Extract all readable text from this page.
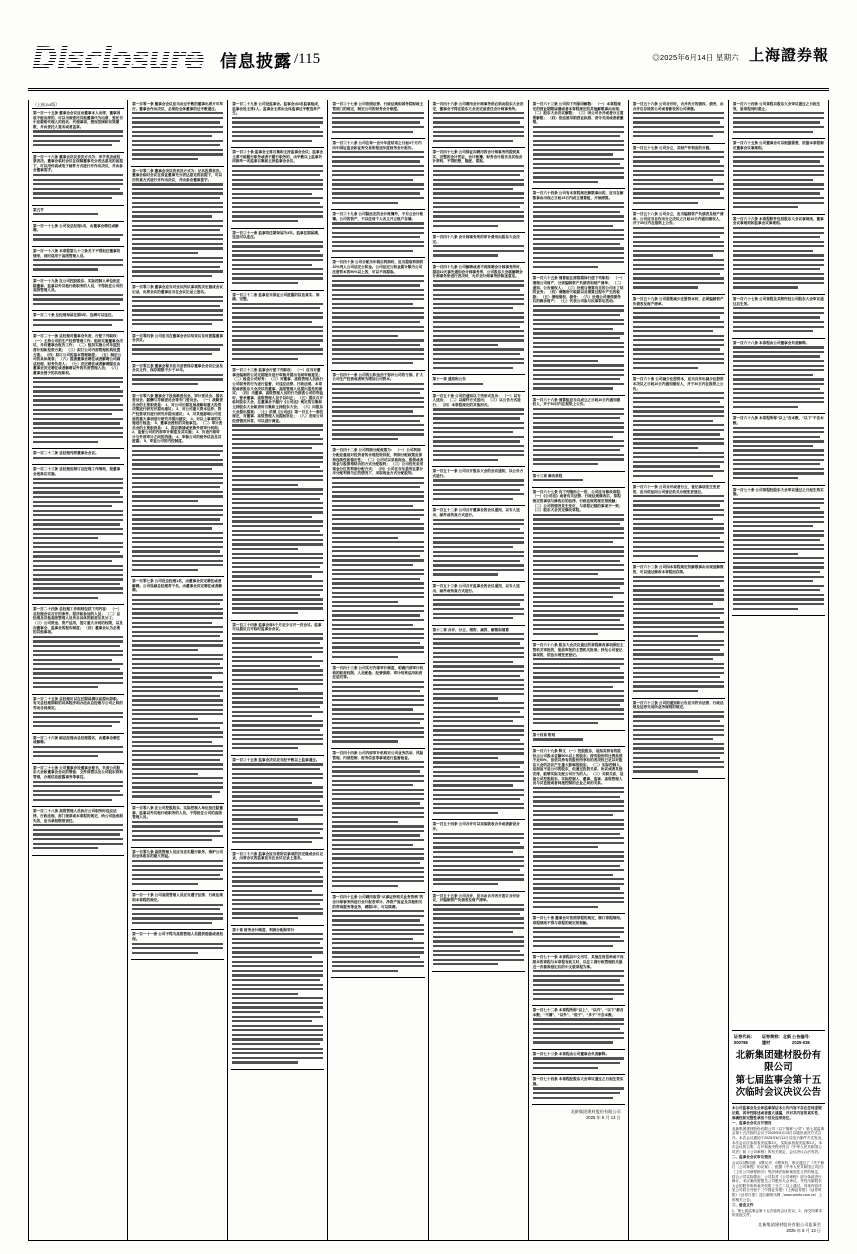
Disclosure 信息披露 /115	◎2025年6月14日 星期六 上海證券報
（上接114版）

第一百一十五条 董事会会议应由董事本人出席，董事因故不能出席的，可以书面委托其他董事代为出席，委托书中应载明代理人的姓名、代理事项、授权范围和有效期限，并由委托人签名或者盖章。

第一百一十六条 董事会决议表决方式为：举手表决或投票表决。董事会临时会议在保障董事充分表达意见的前提下，可以用传真或电子邮件方式进行并作出决议，并由参会董事签字。

第五节

第一百一十七条 公司设总经理1名，由董事会聘任或解聘。

第一百一十八条 本章程第九十三条关于不得担任董事的情形，同时适用于高级管理人员。

第一百一十九条 在公司控股股东、实际控制人单位担任除董事、监事以外其他行政职务的人员，不得担任公司的高级管理人员。

第一百二十条 总经理每届任期3年，连聘可以连任。

第一百二十一条 总经理对董事会负责，行使下列职权： （一）主持公司的生产经营管理工作，组织实施董事会决议，并向董事会报告工作； （二）组织实施公司年度经营计划和投资方案； （三）拟订公司内部管理机构设置方案； （四）拟订公司的基本管理制度； （五）制定公司的具体规章； （六）提请董事会聘任或者解聘公司副总经理、财务负责人； （七）决定聘任或者解聘除应由董事会决定聘任或者解聘以外的负责管理人员； （八）董事会授予的其他职权。

第一百二十二条 总经理列席董事会会议。

第一百二十三条 总经理应制订总经理工作细则，报董事会批准后实施。

第一百二十四条 总经理工作细则包括下列内容： （一）总经理会议召开的条件、程序和参加的人员； （二）总经理及其他高级管理人员各自具体的职责及其分工； （三）公司资金、资产运用，签订重大合同的权限，以及向董事会、监事会的报告制度； （四）董事会认为必要的其他事项。

第一百二十五条 总经理可以在任期届满以前提出辞职。有关总经理辞职的具体程序和办法由总经理与公司之间的劳动合同规定。

第一百二十六条 副总经理由总经理提名，由董事会聘任或解聘。

第一百二十七条 公司董事会设董事会秘书，负责公司股东大会和董事会会议的筹备、文件保管以及公司股东资料管理，办理信息披露事务等事宜。

第一百二十八条 高级管理人员执行公司职务时违反法律、行政法规、部门规章或本章程的规定，给公司造成损失的，应当承担赔偿责任。

第一百零一条 董事会会议应当由过半数的董事出席方可举行。董事会作出决议，必须经全体董事的过半数通过。

第一百零二条 董事会决议的表决方式为：记名投票表决。董事会临时会议在保证董事充分表达意见的前提下，可以用传真方式进行并作出决议，并由参会董事签字。

第一百零三条 董事会应当对会议所议事项的决定做成会议记录，出席会议的董事应当在会议记录上签名。

第一百零四条 公司应当在董事会会议结束后及时披露董事会决议。

第一百零五条 董事会秘书应当妥善保存董事会会议记录及会议文件，保存期限不少于10年。

第一百零六条 董事会下设战略委员会、审计委员会、提名委员会、薪酬与考核委员会等专门委员会。 （一）战略委员会的主要职责是： 1、对公司长期发展战略和重大投资决策进行研究并提出建议； 2、对公司重大资本运作、资产经营项目进行研究并提出建议； 3、对其他影响公司发展的重大事项进行研究并提出建议； 4、对以上事项的实施进行检查； 5、董事会授权的其他事宜。 （二）审计委员会的主要职责是： 1、提议聘请或更换外部审计机构； 2、监督公司的内部审计制度及其实施； 3、负责内部审计与外部审计之间的沟通； 4、审核公司的财务信息及其披露； 5、审查公司的内控制度。

第一百零七条 公司设总经理1名，由董事会决定聘任或者解聘。公司设副总经理若干名，由董事会决定聘任或者解聘。

第一百零八条 在公司控股股东、实际控制人单位担任除董事、监事以外其他行政职务的人员，不得担任公司的高级管理人员。

第一百零九条 高级管理人员应当忠实履行职务，维护公司和全体股东的最大利益。

第一百一十条 公司高级管理人员应当遵守法律、行政法规和本章程的规定。

第一百一十一条 公司不得为高级管理人员提供借款或者担保。

第一百二十九条 公司设监事会。监事会由3名监事组成，监事会设主席1人。监事会主席由全体监事过半数选举产生。

第一百三十条 监事会主席召集和主持监事会会议；监事会主席不能履行职务或者不履行职务的，由半数以上监事共同推举一名监事召集和主持监事会会议。

第一百三十一条 监事的任期每届为3年。监事任期届满，连选可以连任。

第一百三十二条 监事应当保证公司披露的信息真实、准确、完整。

第一百三十三条 监事会行使下列职权： （一）应当对董事会编制的公司定期报告进行审核并提出书面审核意见； （二）检查公司财务； （三）对董事、高级管理人员执行公司职务的行为进行监督，对违反法律、行政法规、本章程或者股东大会决议的董事、高级管理人员提出罢免的建议； （四）当董事、高级管理人员的行为损害公司的利益时，要求董事、高级管理人员予以纠正； （五）提议召开临时股东大会，在董事会不履行《公司法》规定的召集和主持股东大会职责时召集和主持股东大会； （六）向股东大会提出提案； （七）依照《公司法》第一百五十一条的规定，对董事、高级管理人员提起诉讼； （八）发现公司经营情况异常，可以进行调查。

第一百三十四条 监事会每6个月至少召开一次会议。监事可以提议召开临时监事会会议。

第一百三十五条 监事会决议应当经半数以上监事通过。

第一百三十六条 监事会应当将所议事项的决定做成会议记录，出席会议的监事应当在会议记录上签名。

第十章 财务会计制度、利润分配和审计

第一百三十七条 公司依照法律、行政法规和国务院财政主管部门的规定，制定公司的财务会计制度。

第一百三十八条 公司在每一会计年度结束之日起4个月内向中国证监会和证券交易所报送年度财务会计报告。

第一百三十九条 公司除法定的会计账簿外，不另立会计账簿。公司的资产，不以任何个人名义开立账户存储。

第一百四十条 公司分配当年税后利润时，应当提取利润的10%列入公司法定公积金。公司法定公积金累计额为公司注册资本的50%以上的，可以不再提取。

第一百四十一条 公司的公积金用于弥补公司的亏损、扩大公司生产经营或者转为增加公司资本。

第一百四十二条 公司利润分配政策为： （一）公司利润分配应重视对投资者的合理投资回报，利润分配政策应保持连续性和稳定性； （二）公司可以采取现金、股票或者现金与股票相结合的方式分配股利； （三）公司优先采用现金分红的利润分配方式； （四）公司在当年盈利且累计未分配利润为正的情况下，采取现金方式分配股利。

第一百四十三条 公司实行内部审计制度，明确内部审计机构的职责权限、人员配备、经费保障、审计结果运用和责任追究等。

第一百四十四条 公司内部审计机构对公司业务活动、风险管理、内部控制、财务信息等事项进行监督检查。

第一百四十五条 公司聘用取得“从事证券相关业务资格”的会计师事务所进行会计报表审计、净资产验证及其他相关的咨询服务等业务，聘期1年，可以续聘。

第一百四十六条 公司聘用会计师事务所必须由股东大会决定，董事会不得在股东大会决定前委任会计师事务所。

第一百四十七条 公司保证向聘用的会计师事务所提供真实、完整的会计凭证、会计账簿、财务会计报告及其他会计资料，不得拒绝、隐匿、谎报。

第一百四十八条 会计师事务所的审计费用由股东大会决定。

第一百四十九条 公司解聘或者不再续聘会计师事务所时，提前10天事先通知会计师事务所，公司股东大会就解聘会计师事务所进行表决时，允许会计师事务所陈述意见。

第十一章 通知和公告

第一百五十条 公司的通知以下列形式发出： （一）以专人送出； （二）以邮件方式送出； （三）以公告方式进行； （四）本章程规定的其他形式。

第一百五十一条 公司召开股东大会的会议通知，以公告方式进行。

第一百五十二条 公司召开董事会的会议通知，以专人送出、邮件或传真方式进行。

第一百五十三条 公司召开监事会的会议通知，以专人送出、邮件或传真方式进行。

第十二章 合并、分立、增资、减资、解散和清算

第一百五十四条 公司合并可以采取吸收合并或者新设合并。

第一百五十五条 公司合并，应当由合并各方签订合并协议，并编制资产负债表及财产清单。

第一百六十三条 公司因下列原因解散： （一）本章程规定的营业期限届满或者本章程规定的其他解散事由出现； （二）股东大会决议解散； （三）因公司合并或者分立需要解散； （四）依法被吊销营业执照、责令关闭或者被撤销。

第一百六十四条 公司有本章程规定解散事由的，应当在解散事由出现之日起15日内成立清算组，开始清算。

第一百六十五条 清算组在清算期间行使下列职权： （一）清理公司财产，分别编制资产负债表和财产清单； （二）通知、公告债权人； （三）处理与清算有关的公司未了结的业务； （四）清缴所欠税款以及清算过程中产生的税款； （五）清理债权、债务； （六）处理公司清偿债务后的剩余财产； （七）代表公司参与民事诉讼活动。

第一百六十六条 清算组应当自成立之日起10日内通知债权人，并于60日内在报纸上公告。

第十三章 修改章程

第一百六十七条 有下列情形之一的，公司应当修改章程： （一）《公司法》或者有关法律、行政法规修改后，章程规定的事项与修改后的法律、行政法规的规定相抵触； （二）公司的情况发生变化，与章程记载的事项不一致； （三）股东大会决定修改章程。

第一百六十八条 股东大会决议通过的章程修改事项须经主管机关审批的，报原审批的主管机关批准；涉及公司登记事项的，依法办理变更登记。

第十四章 附则

第一百六十九条 释义 （一）控股股东，是指其持有的股份占公司股本总额50%以上的股东；持有股份的比例虽然不足50%，但依其持有的股份所享有的表决权已足以对股东大会的决议产生重大影响的股东。 （二）实际控制人，是指虽不是公司的股东，但通过投资关系、协议或者其他安排，能够实际支配公司行为的人。 （三）关联关系，是指公司控股股东、实际控制人、董事、监事、高级管理人员与其直接或者间接控制的企业之间的关系。

第一百七十条 董事会可依照章程的规定，制订章程细则。章程细则不得与章程的规定相抵触。

第一百七十一条 本章程以中文书写，其他任何语种或不同版本的章程与本章程有歧义时，以在工商行政管理机关最近一次核准登记后的中文版章程为准。

第一百七十二条 本章程所称“以上”、“以内”、“以下”都含本数；“不满”、“以外”、“低于”、“多于”不含本数。

第一百七十三条 本章程由公司董事会负责解释。

第一百七十四条 本章程经股东大会审议通过之日起生效实施。

北新集团建材股份有限公司
2025 年 6 月 13 日

第一百五十六条 公司合并时，合并各方的债权、债务，由合并后存续的公司或者新设的公司承继。

第一百五十七条 公司分立，其财产作相应的分割。

第一百五十八条 公司分立，应当编制资产负债表及财产清单。公司应当自作出分立决议之日起10日内通知债权人，并于30日内在报纸上公告。

第一百五十九条 公司需要减少注册资本时，必须编制资产负债表及财产清单。

第一百六十条 公司减少注册资本，应当自作出减少注册资本决议之日起10日内通知债权人，并于30日内在报纸上公告。

第一百六十一条 公司合并或者分立，登记事项发生变更的，应当依法向公司登记机关办理变更登记。

第一百六十二条 公司因本章程规定的解散事由出现而解散的，可以通过修改本章程而存续。

第一百六十三条 公司的通知和公告应当符合法律、行政法规及证券交易所业务规则的规定。

第一百六十四条 公司章程自股东大会审议通过之日起生效，原章程同时废止。

第一百六十五条 公司董事会可以根据需要，依据本章程制定董事会议事规则。

第一百六十六条 本章程附件包括股东大会议事规则、董事会议事规则和监事会议事规则。

第一百六十七条 公司章程及其附件经公司股东大会审议通过后生效。

第一百六十八条 本章程由公司董事会负责解释。

第一百六十九条 本章程所称“以上”含本数，“以下”不含本数。

第一百七十条 公司章程经股东大会审议通过之日起生效实施。

证券代码：000786
证券简称：北新建材
公告编号：2025-038
北新集团建材股份有限公司
第七届监事会第十五次临时会议决议公告

本公司监事会及全体监事保证本公告内容不存在任何虚假记载、误导性陈述或者重大遗漏，并对其内容的真实性、准确性和完整性承担个别及连带责任。

一、监事会会议召开情况

北新集团建材股份有限公司（以下简称“公司”）第七届监事会第十五次临时会议于2025年6月13日以通讯表决方式召开。本次会议通知于2025年6月11日以电子邮件方式发出。本次会议应参加表决监事3人，实际参加表决监事3人。本次会议的召集、召开和表决程序符合《中华人民共和国公司法》和《公司章程》的有关规定，会议决议合法有效。

二、监事会会议审议情况

会议以3票同意、0票反对、0票弃权，审议通过了《关于修订〈公司章程〉的议案》。根据《中华人民共和国公司法》《上市公司章程指引》等法律法规和规范性文件的规定，结合公司实际情况，公司拟对《公司章程》部分条款进行修订。本议案尚需提交公司股东大会审议，并经出席股东大会的股东所持表决权的三分之二以上通过。具体内容详见公司同日刊登于《中国证券报》《上海证券报》《证券时报》《证券日报》及巨潮资讯网（www.cninfo.com.cn）上的相关公告。

三、备查文件

1、第七届监事会第十五次临时会议决议；2、深交所要求的其他文件。

北新集团建材股份有限公司监事会
2025 年 6 月 13 日
